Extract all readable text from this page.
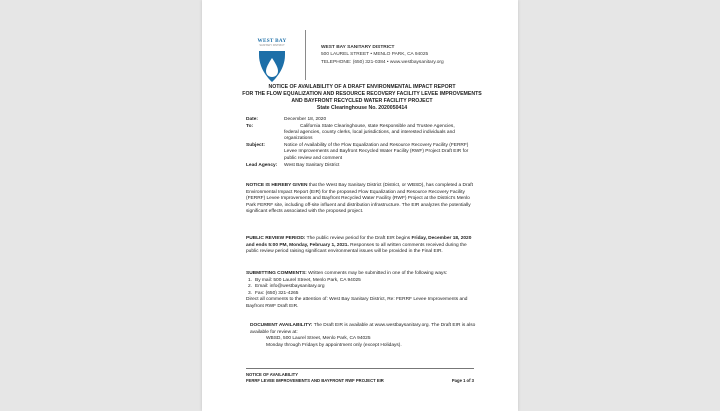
WEST BAY
SANITARY DISTRICT	WEST BAY SANITARY DISTRICT
500 LAUREL STREET • MENLO PARK, CA 94025
TELEPHONE: (650) 321-0384 • www.westbaysanitary.org
NOTICE OF AVAILABILITY OF A DRAFT ENVIRONMENTAL IMPACT REPORT
FOR THE FLOW EQUALIZATION AND RESOURCE RECOVERY FACILITY LEVEE IMPROVEMENTS
AND BAYFRONT RECYCLED WATER FACILITY PROJECT
State Clearinghouse No. 2020050414
Date:	December 18, 2020
To:	California State Clearinghouse, state Responsible and Trustee Agencies,
federal agencies, county clerks, local jurisdictions, and interested individuals and organizations
Subject:	Notice of Availability of the Flow Equalization and Resource Recovery Facility (FERRF) Levee Improvements and Bayfront Recycled Water Facility (RWF) Project Draft EIR for public review and comment
Lead Agency: West Bay Sanitary District
NOTICE IS HEREBY GIVEN that the West Bay Sanitary District (District, or WBSD), has completed a Draft Environmental Impact Report (EIR) for the proposed Flow Equalization and Resource Recovery Facility (FERRF) Levee Improvements and Bayfront Recycled Water Facility (RWF) Project at the District's Menlo Park FERRF site, including off-site influent and distribution infrastructure. The EIR analyzes the potentially significant effects associated with the proposed project.
PUBLIC REVIEW PERIOD: The public review period for the Draft EIR begins Friday, December 18, 2020 and ends 5:00 PM, Monday, February 1, 2021. Responses to all written comments received during the public review period raising significant environmental issues will be provided in the Final EIR.
SUBMITTING COMMENTS: Written comments may be submitted in one of the following ways:
1. By mail: 500 Laurel Street, Menlo Park, CA 94025
2. Email: info@westbaysanitary.org
3. Fax: (650) 321-4265
Direct all comments to the attention of: West Bay Sanitary District, Re: FERRF Levee Improvements and Bayfront RWF Draft EIR.
DOCUMENT AVAILABILITY: The Draft EIR is available at www.westbaysanitary.org. The Draft EIR is also available for review at:
WBSD, 500 Laurel Street, Menlo Park, CA 94025
Monday through Fridays by appointment only (except Holidays).
NOTICE OF AVAILABILITY
FERRF LEVEE IMPROVEMENTS AND BAYFRONT RWF PROJECT EIR	Page 1 of 3
